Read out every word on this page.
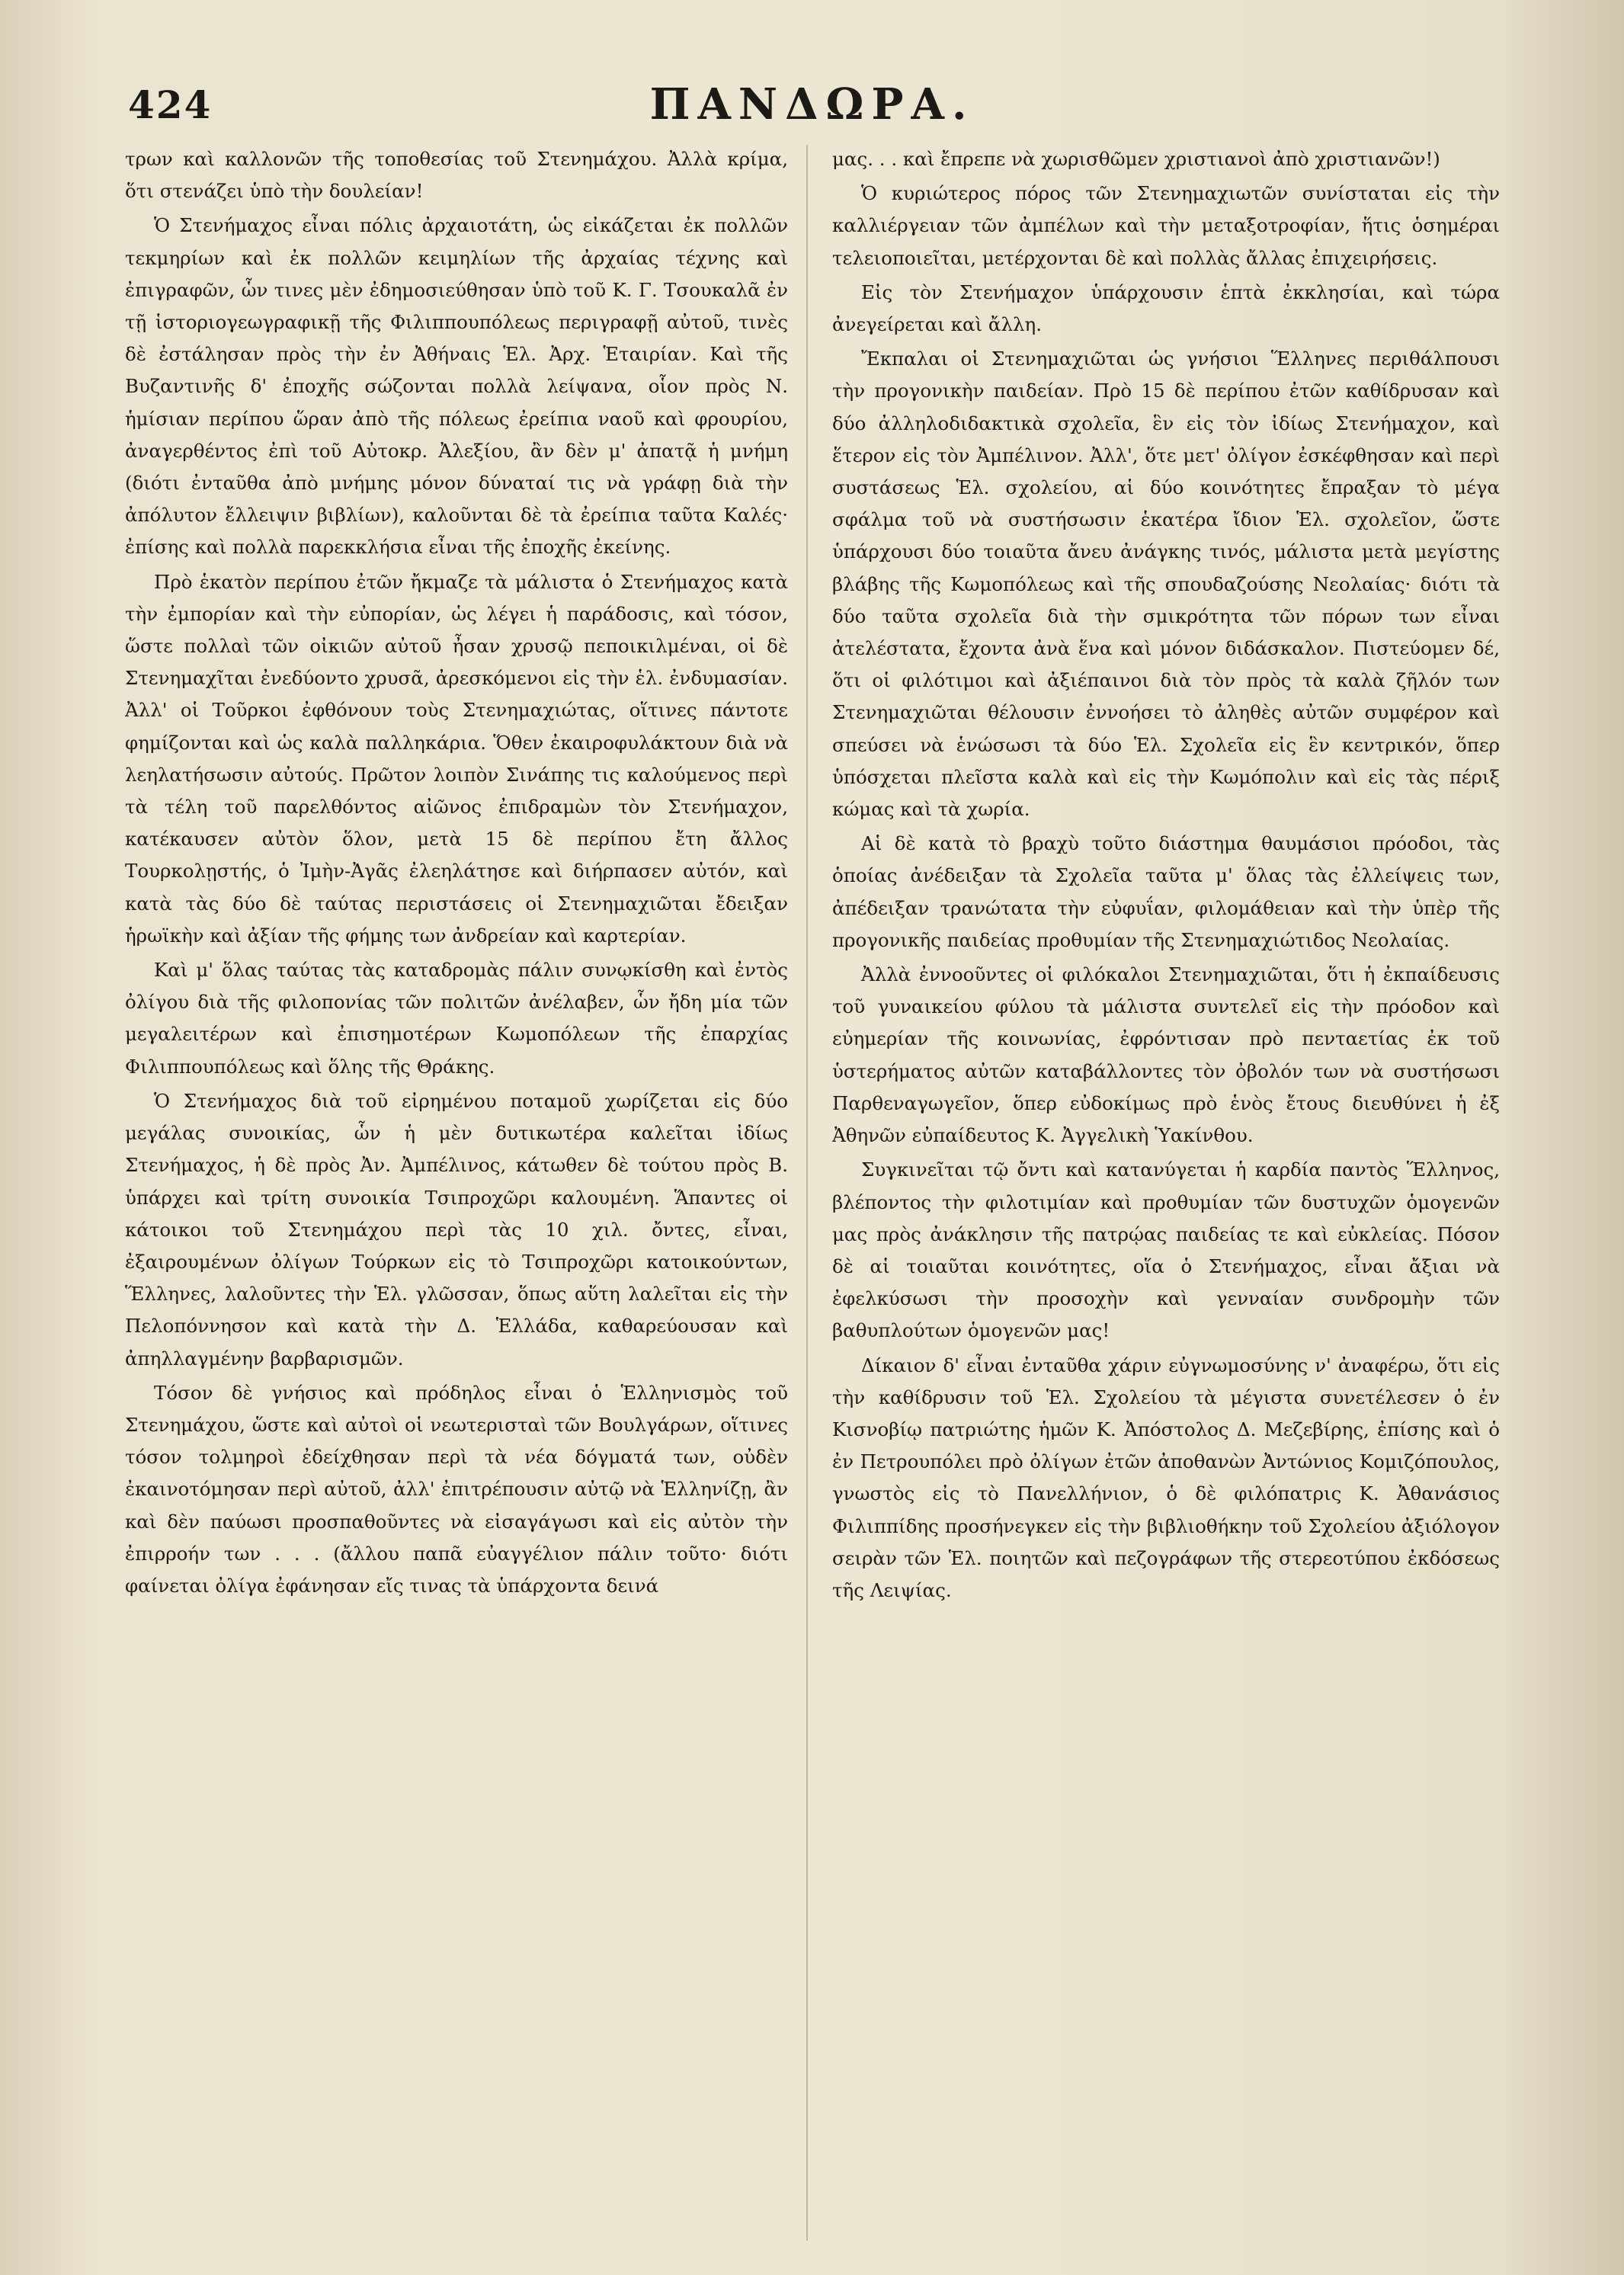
424	ΠΑΝΔΩΡΑ.

τρων καὶ καλλονῶν τῆς τοποθεσίας τοῦ Στενημάχου. Ἀλλὰ κρίμα, ὅτι στενάζει ὑπὸ τὴν δουλείαν!

Ὁ Στενήμαχος εἶναι πόλις ἀρχαιοτάτη, ὡς εἰκάζεται ἐκ πολλῶν τεκμηρίων καὶ ἐκ πολλῶν κειμηλίων τῆς ἀρχαίας τέχνης καὶ ἐπιγραφῶν, ὧν τινες μὲν ἐδημοσιεύθησαν ὑπὸ τοῦ Κ. Γ. Τσουκαλᾶ ἐν τῇ ἱστοριογεωγραφικῇ τῆς Φιλιππουπόλεως περιγραφῇ αὐτοῦ, τινὲς δὲ ἐστάλησαν πρὸς τὴν ἐν Ἀθήναις Ἑλ. Ἀρχ. Ἑταιρίαν. Καὶ τῆς Βυζαντινῆς δ' ἐποχῆς σώζονται πολλὰ λείψανα, οἷον πρὸς Ν. ἡμίσιαν περίπου ὥραν ἀπὸ τῆς πόλεως ἐρείπια ναοῦ καὶ φρουρίου, ἀναγερθέντος ἐπὶ τοῦ Αὐτοκρ. Ἀλεξίου, ἂν δὲν μ' ἀπατᾷ ἡ μνήμη (διότι ἐνταῦθα ἀπὸ μνήμης μόνον δύναταί τις νὰ γράφῃ διὰ τὴν ἀπόλυτον ἔλλειψιν βιβλίων), καλοῦνται δὲ τὰ ἐρείπια ταῦτα Καλές· ἐπίσης καὶ πολλὰ παρεκκλήσια εἶναι τῆς ἐποχῆς ἐκείνης.

Πρὸ ἑκατὸν περίπου ἐτῶν ἤκμαζε τὰ μάλιστα ὁ Στενήμαχος κατὰ τὴν ἐμπορίαν καὶ τὴν εὐπορίαν, ὡς λέγει ἡ παράδοσις, καὶ τόσον, ὥστε πολλαὶ τῶν οἰκιῶν αὐτοῦ ἦσαν χρυσῷ πεποικιλμέναι, οἱ δὲ Στενημαχῖται ἐνεδύοντο χρυσᾶ, ἀρεσκόμενοι εἰς τὴν ἑλ. ἐνδυμασίαν. Ἀλλ' οἱ Τοῦρκοι ἐφθόνουν τοὺς Στενημαχιώτας, οἵτινες πάντοτε φημίζονται καὶ ὡς καλὰ παλληκάρια. Ὅθεν ἐκαιροφυλάκτουν διὰ νὰ λεηλατήσωσιν αὐτούς. Πρῶτον λοιπὸν Σινάπης τις καλούμενος περὶ τὰ τέλη τοῦ παρελθόντος αἰῶνος ἐπιδραμὼν τὸν Στενήμαχον, κατέκαυσεν αὐτὸν ὅλον, μετὰ 15 δὲ περίπου ἔτη ἄλλος Τουρκολῃστής, ὁ Ἰμὴν-Ἀγᾶς ἐλεηλάτησε καὶ διήρπασεν αὐτόν, καὶ κατὰ τὰς δύο δὲ ταύτας περιστάσεις οἱ Στενημαχιῶται ἔδειξαν ἡρωϊκὴν καὶ ἀξίαν τῆς φήμης των ἀνδρείαν καὶ καρτερίαν.

Καὶ μ' ὅλας ταύτας τὰς καταδρομὰς πάλιν συνῳκίσθη καὶ ἐντὸς ὀλίγου διὰ τῆς φιλοπονίας τῶν πολιτῶν ἀνέλαβεν, ὧν ἤδη μία τῶν μεγαλειτέρων καὶ ἐπισημοτέρων Κωμοπόλεων τῆς ἐπαρχίας Φιλιππουπόλεως καὶ ὅλης τῆς Θράκης.

Ὁ Στενήμαχος διὰ τοῦ εἰρημένου ποταμοῦ χωρίζεται εἰς δύο μεγάλας συνοικίας, ὧν ἡ μὲν δυτικωτέρα καλεῖται ἰδίως Στενήμαχος, ἡ δὲ πρὸς Ἀν. Ἀμπέλινος, κάτωθεν δὲ τούτου πρὸς Β. ὑπάρχει καὶ τρίτη συνοικία Τσιπροχῶρι καλουμένη. Ἅπαντες οἱ κάτοικοι τοῦ Στενημάχου περὶ τὰς 10 χιλ. ὄντες, εἶναι, ἐξαιρουμένων ὀλίγων Τούρκων εἰς τὸ Τσιπροχῶρι κατοικούντων, Ἕλληνες, λαλοῦντες τὴν Ἑλ. γλῶσσαν, ὅπως αὕτη λαλεῖται εἰς τὴν Πελοπόννησον καὶ κατὰ τὴν Δ. Ἑλλάδα, καθαρεύουσαν καὶ ἀπηλλαγμένην βαρβαρισμῶν.

Τόσον δὲ γνήσιος καὶ πρόδηλος εἶναι ὁ Ἑλληνισμὸς τοῦ Στενημάχου, ὥστε καὶ αὐτοὶ οἱ νεωτερισταὶ τῶν Βουλγάρων, οἵτινες τόσον τολμηροὶ ἐδείχθησαν περὶ τὰ νέα δόγματά των, οὐδὲν ἐκαινοτόμησαν περὶ αὐτοῦ, ἀλλ' ἐπιτρέπουσιν αὐτῷ νὰ Ἑλληνίζῃ, ἂν καὶ δὲν παύωσι προσπαθοῦντες νὰ εἰσαγάγωσι καὶ εἰς αὐτὸν τὴν ἐπιρροήν των . . . (ἄλλου παπᾶ εὐαγγέλιον πάλιν τοῦτο· διότι φαίνεται ὀλίγα ἐφάνησαν εἴς τινας τὰ ὑπάρχοντα δεινά

μας. . . καὶ ἔπρεπε νὰ χωρισθῶμεν χριστιανοὶ ἀπὸ χριστιανῶν!)

Ὁ κυριώτερος πόρος τῶν Στενημαχιωτῶν συνίσταται εἰς τὴν καλλιέργειαν τῶν ἀμπέλων καὶ τὴν μεταξοτροφίαν, ἥτις ὁσημέραι τελειοποιεῖται, μετέρχονται δὲ καὶ πολλὰς ἄλλας ἐπιχειρήσεις.

Εἰς τὸν Στενήμαχον ὑπάρχουσιν ἑπτὰ ἐκκλησίαι, καὶ τώρα ἀνεγείρεται καὶ ἄλλη.

Ἔκπαλαι οἱ Στενημαχιῶται ὡς γνήσιοι Ἕλληνες περιθάλπουσι τὴν προγονικὴν παιδείαν. Πρὸ 15 δὲ περίπου ἐτῶν καθίδρυσαν καὶ δύο ἀλληλοδιδακτικὰ σχολεῖα, ἓν εἰς τὸν ἰδίως Στενήμαχον, καὶ ἕτερον εἰς τὸν Ἀμπέλινον. Ἀλλ', ὅτε μετ' ὀλίγον ἐσκέφθησαν καὶ περὶ συστάσεως Ἑλ. σχολείου, αἱ δύο κοινότητες ἔπραξαν τὸ μέγα σφάλμα τοῦ νὰ συστήσωσιν ἑκατέρα ἴδιον Ἑλ. σχολεῖον, ὥστε ὑπάρχουσι δύο τοιαῦτα ἄνευ ἀνάγκης τινός, μάλιστα μετὰ μεγίστης βλάβης τῆς Κωμοπόλεως καὶ τῆς σπουδαζούσης Νεολαίας· διότι τὰ δύο ταῦτα σχολεῖα διὰ τὴν σμικρότητα τῶν πόρων των εἶναι ἀτελέστατα, ἔχοντα ἀνὰ ἕνα καὶ μόνον διδάσκαλον. Πιστεύομεν δέ, ὅτι οἱ φιλότιμοι καὶ ἀξιέπαινοι διὰ τὸν πρὸς τὰ καλὰ ζῆλόν των Στενημαχιῶται θέλουσιν ἐννοήσει τὸ ἀληθὲς αὐτῶν συμφέρον καὶ σπεύσει νὰ ἑνώσωσι τὰ δύο Ἑλ. Σχολεῖα εἰς ἓν κεντρικόν, ὅπερ ὑπόσχεται πλεῖστα καλὰ καὶ εἰς τὴν Κωμόπολιν καὶ εἰς τὰς πέριξ κώμας καὶ τὰ χωρία.

Αἱ δὲ κατὰ τὸ βραχὺ τοῦτο διάστημα θαυμάσιοι πρόοδοι, τὰς ὁποίας ἀνέδειξαν τὰ Σχολεῖα ταῦτα μ' ὅλας τὰς ἐλλείψεις των, ἀπέδειξαν τρανώτατα τὴν εὐφυΐαν, φιλομάθειαν καὶ τὴν ὑπὲρ τῆς προγονικῆς παιδείας προθυμίαν τῆς Στενημαχιώτιδος Νεολαίας.

Ἀλλὰ ἐννοοῦντες οἱ φιλόκαλοι Στενημαχιῶται, ὅτι ἡ ἐκπαίδευσις τοῦ γυναικείου φύλου τὰ μάλιστα συντελεῖ εἰς τὴν πρόοδον καὶ εὐημερίαν τῆς κοινωνίας, ἐφρόντισαν πρὸ πενταετίας ἐκ τοῦ ὑστερήματος αὐτῶν καταβάλλοντες τὸν ὀβολόν των νὰ συστήσωσι Παρθεναγωγεῖον, ὅπερ εὐδοκίμως πρὸ ἑνὸς ἔτους διευθύνει ἡ ἐξ Ἀθηνῶν εὐπαίδευτος Κ. Ἀγγελικὴ Ὑακίνθου.

Συγκινεῖται τῷ ὄντι καὶ κατανύγεται ἡ καρδία παντὸς Ἕλληνος, βλέποντος τὴν φιλοτιμίαν καὶ προθυμίαν τῶν δυστυχῶν ὁμογενῶν μας πρὸς ἀνάκλησιν τῆς πατρῴας παιδείας τε καὶ εὐκλείας. Πόσον δὲ αἱ τοιαῦται κοινότητες, οἵα ὁ Στενήμαχος, εἶναι ἄξιαι νὰ ἐφελκύσωσι τὴν προσοχὴν καὶ γενναίαν συνδρομὴν τῶν βαθυπλούτων ὁμογενῶν μας!

Δίκαιον δ' εἶναι ἐνταῦθα χάριν εὐγνωμοσύνης ν' ἀναφέρω, ὅτι εἰς τὴν καθίδρυσιν τοῦ Ἑλ. Σχολείου τὰ μέγιστα συνετέλεσεν ὁ ἐν Κισνοβίῳ πατριώτης ἡμῶν Κ. Ἀπόστολος Δ. Μεζεβίρης, ἐπίσης καὶ ὁ ἐν Πετρουπόλει πρὸ ὀλίγων ἐτῶν ἀποθανὼν Ἀντώνιος Κομιζόπουλος, γνωστὸς εἰς τὸ Πανελλήνιον, ὁ δὲ φιλόπατρις Κ. Ἀθανάσιος Φιλιππίδης προσήνεγκεν εἰς τὴν βιβλιοθήκην τοῦ Σχολείου ἀξιόλογον σειρὰν τῶν Ἑλ. ποιητῶν καὶ πεζογράφων τῆς στερεοτύπου ἐκδόσεως τῆς Λειψίας.
